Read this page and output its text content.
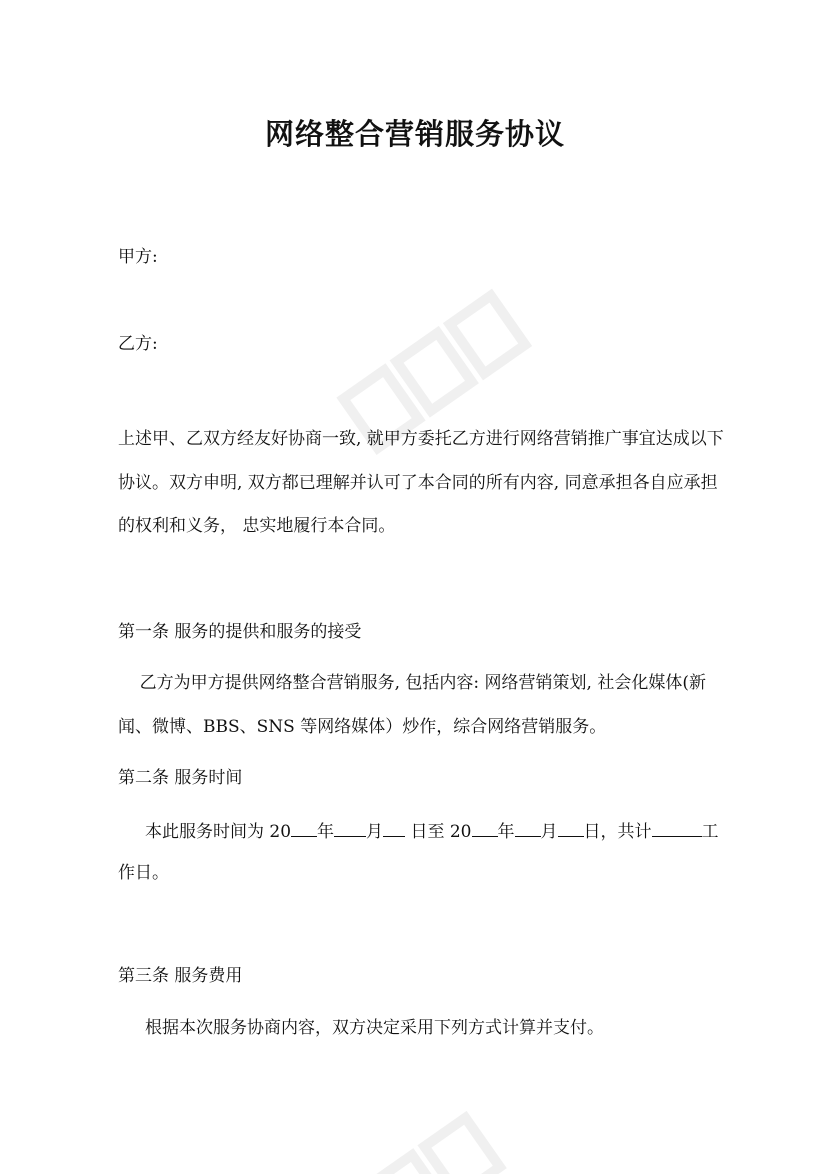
网络整合营销服务协议

甲方:

乙方:

上述甲、乙双方经友好协商一致, 就甲方委托乙方进行网络营销推广事宜达成以下

协议。双方申明, 双方都已理解并认可了本合同的所有内容, 同意承担各自应承担

的权利和义务， 忠实地履行本合同。

第一条 服务的提供和服务的接受

乙方为甲方提供网络整合营销服务, 包括内容: 网络营销策划, 社会化媒体(新

闻、微博、BBS、SNS 等网络媒体）炒作，综合网络营销服务。

第二条 服务时间

本此服务时间为 20 年 月 日至 20 年 月 日，共计	工

作日。

第三条 服务费用

根据本次服务协商内容，双方决定采用下列方式计算并支付。
